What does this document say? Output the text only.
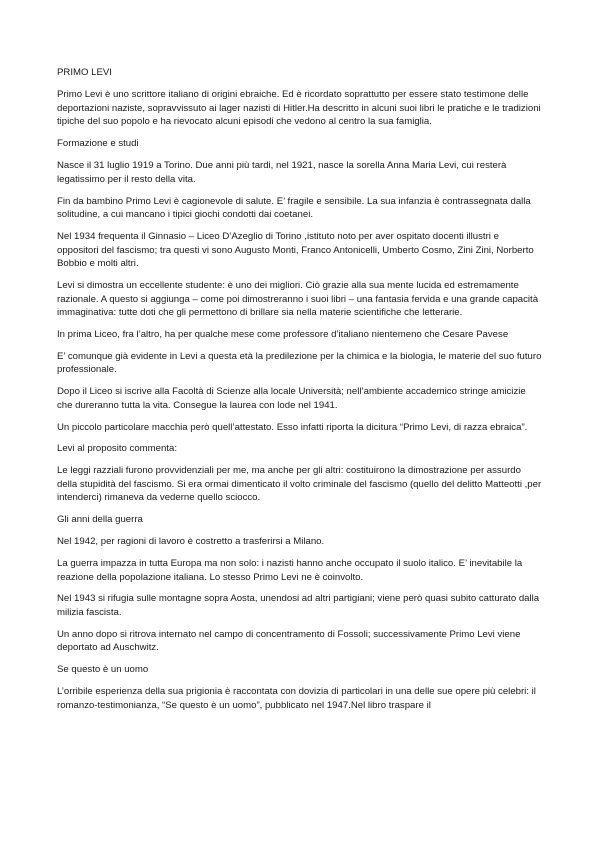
PRIMO LEVI

Primo Levi è uno scrittore italiano di origini ebraiche. Ed è ricordato soprattutto per essere stato testimone delle deportazioni naziste, sopravvissuto ai lager nazisti di Hitler.Ha descritto in alcuni suoi libri le pratiche e le tradizioni tipiche del suo popolo e ha rievocato alcuni episodi che vedono al centro la sua famiglia.

Formazione e studi

Nasce il 31 luglio 1919 a Torino. Due anni più tardi, nel 1921, nasce la sorella Anna Maria Levi, cui resterà legatissimo per il resto della vita.

Fin da bambino Primo Levi è cagionevole di salute. E’ fragile e sensibile. La sua infanzia è contrassegnata dalla solitudine, a cui mancano i tipici giochi condotti dai coetanei.

Nel 1934 frequenta il Ginnasio – Liceo D’Azeglio di Torino ,istituto noto per aver ospitato docenti illustri e oppositori del fascismo; tra questi vi sono Augusto Monti, Franco Antonicelli, Umberto Cosmo, Zini Zini, Norberto Bobbio e molti altri.

Levi si dimostra un eccellente studente: è uno dei migliori. Ciò grazie alla sua mente lucida ed estremamente razionale. A questo si aggiunga – come poi dimostreranno i suoi libri – una fantasia fervida e una grande capacità immaginativa: tutte doti che gli permettono di brillare sia nella materie scientifiche che letterarie.

In prima Liceo, fra l’altro, ha per qualche mese come professore d’italiano nientemeno che Cesare Pavese

E’ comunque già evidente in Levi a questa età la predilezione per la chimica e la biologia, le materie del suo futuro professionale.

Dopo il Liceo si iscrive alla Facoltà di Scienze alla locale Università; nell’ambiente accademico stringe amicizie che dureranno tutta la vita. Consegue la laurea con lode nel 1941.

Un piccolo particolare macchia però quell’attestato. Esso infatti riporta la dicitura “Primo Levi, di razza ebraica”.

Levi al proposito commenta:

Le leggi razziali furono provvidenziali per me, ma anche per gli altri: costituirono la dimostrazione per assurdo della stupidità del fascismo. Si era ormai dimenticato il volto criminale del fascismo (quello del delitto Matteotti ,per intenderci) rimaneva da vederne quello sciocco.

Gli anni della guerra

Nel 1942, per ragioni di lavoro è costretto a trasferirsi a Milano.

La guerra impazza in tutta Europa ma non solo: i nazisti hanno anche occupato il suolo italico. E’ inevitabile la reazione della popolazione italiana. Lo stesso Primo Levi ne è coinvolto.

Nel 1943 si rifugia sulle montagne sopra Aosta, unendosi ad altri partigiani; viene però quasi subito catturato dalla milizia fascista.

Un anno dopo si ritrova internato nel campo di concentramento di Fossoli; successivamente Primo Levi viene deportato ad Auschwitz.

Se questo è un uomo

L’orribile esperienza della sua prigionia è raccontata con dovizia di particolari in una delle sue opere più celebri: il romanzo-testimonianza, “Se questo è un uomo”, pubblicato nel 1947.Nel libro traspare il
